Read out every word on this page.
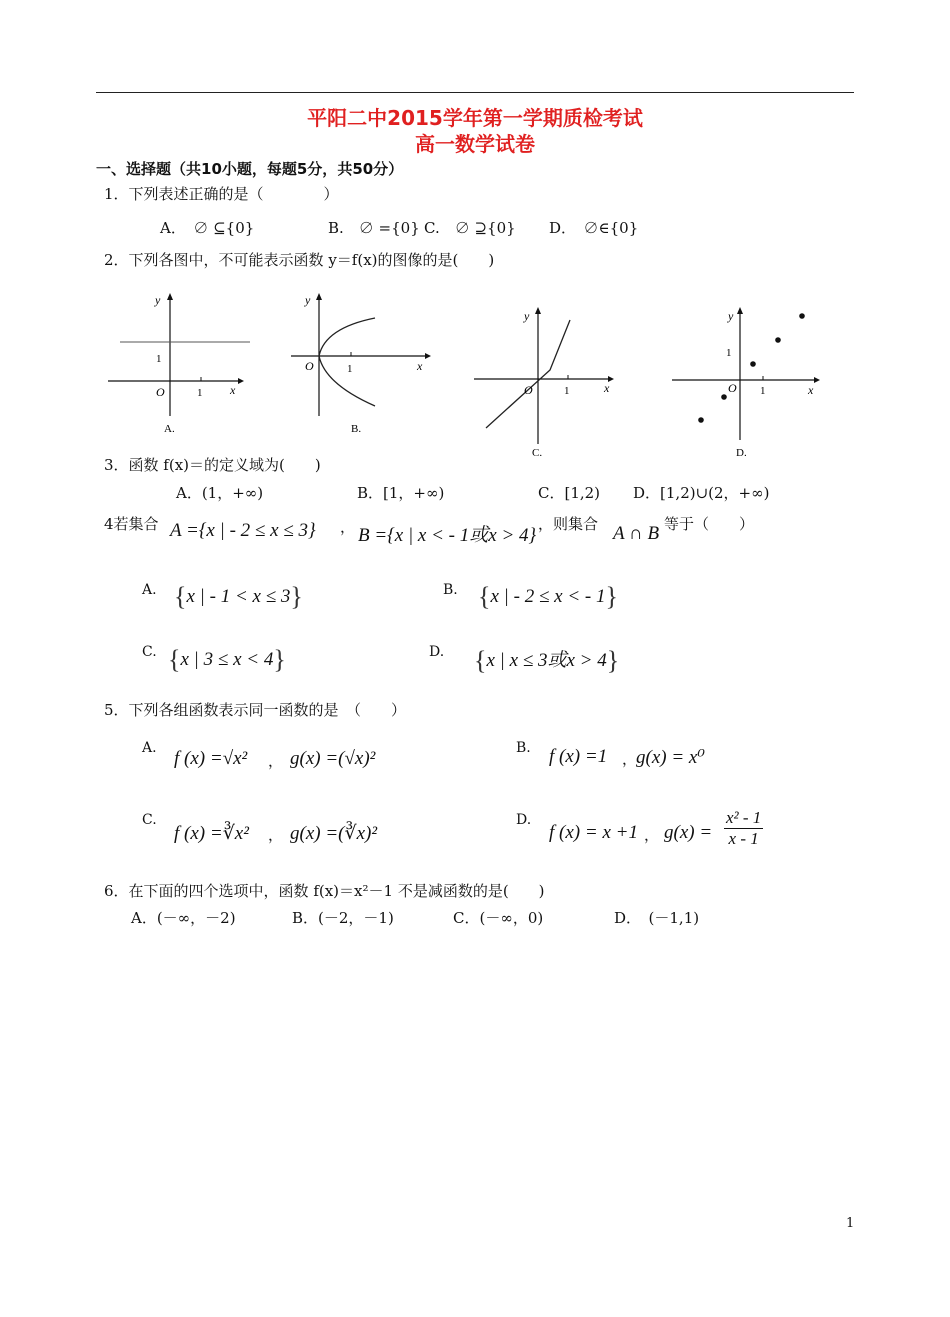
平阳二中2015学年第一学期质检考试
高一数学试卷
一、选择题（共10小题，每题5分，共50分）
1．下列表述正确的是（　　　　）
A．　∅ ⊆{0}	B.　∅ ={0} C.　∅ ⊇{0} D．　∅∈{0}
2．下列各图中，不可能表示函数 y＝f(x)的图像的是(　　)
y
x
O	1
1
A.
y
x
O	1
B.
y
x
O	1
C.
y
x
O 1
1
D.
3．函数 f(x)＝的定义域为(　　)
A．(1，+∞)	B．[1，+∞)	C．[1,2) D．[1,2)∪(2，+∞)
4若集合 A ={x | - 2 ≤ x ≤ 3} ， B ={x | x < - 1或x > 4}
，则集合 A ∩ B 等于（　　）
A. {x | - 1 < x ≤ 3}	B. {x | - 2 ≤ x < - 1}
C. {x | 3 ≤ x < 4}	D. {x | x ≤ 3或x > 4}
5．下列各组函数表示同一函数的是　（　　）
A. f (x) =√x² ， g(x) =(√x)²	B. f (x) =1 ，
g(x) = x⁰
C.
f (x) =∛x² ， g(x) =(∛x)²
D.
f (x) = x +1 ， $g(x) = \frac{\text{x² - 1}}{x - 1}$
6．在下面的四个选项中，函数 f(x)＝x²－1 不是减函数的是(　　)
A．(－∞，－2)	B．(－2，－1)	C．(－∞，0)	D．　(－1,1)
1
